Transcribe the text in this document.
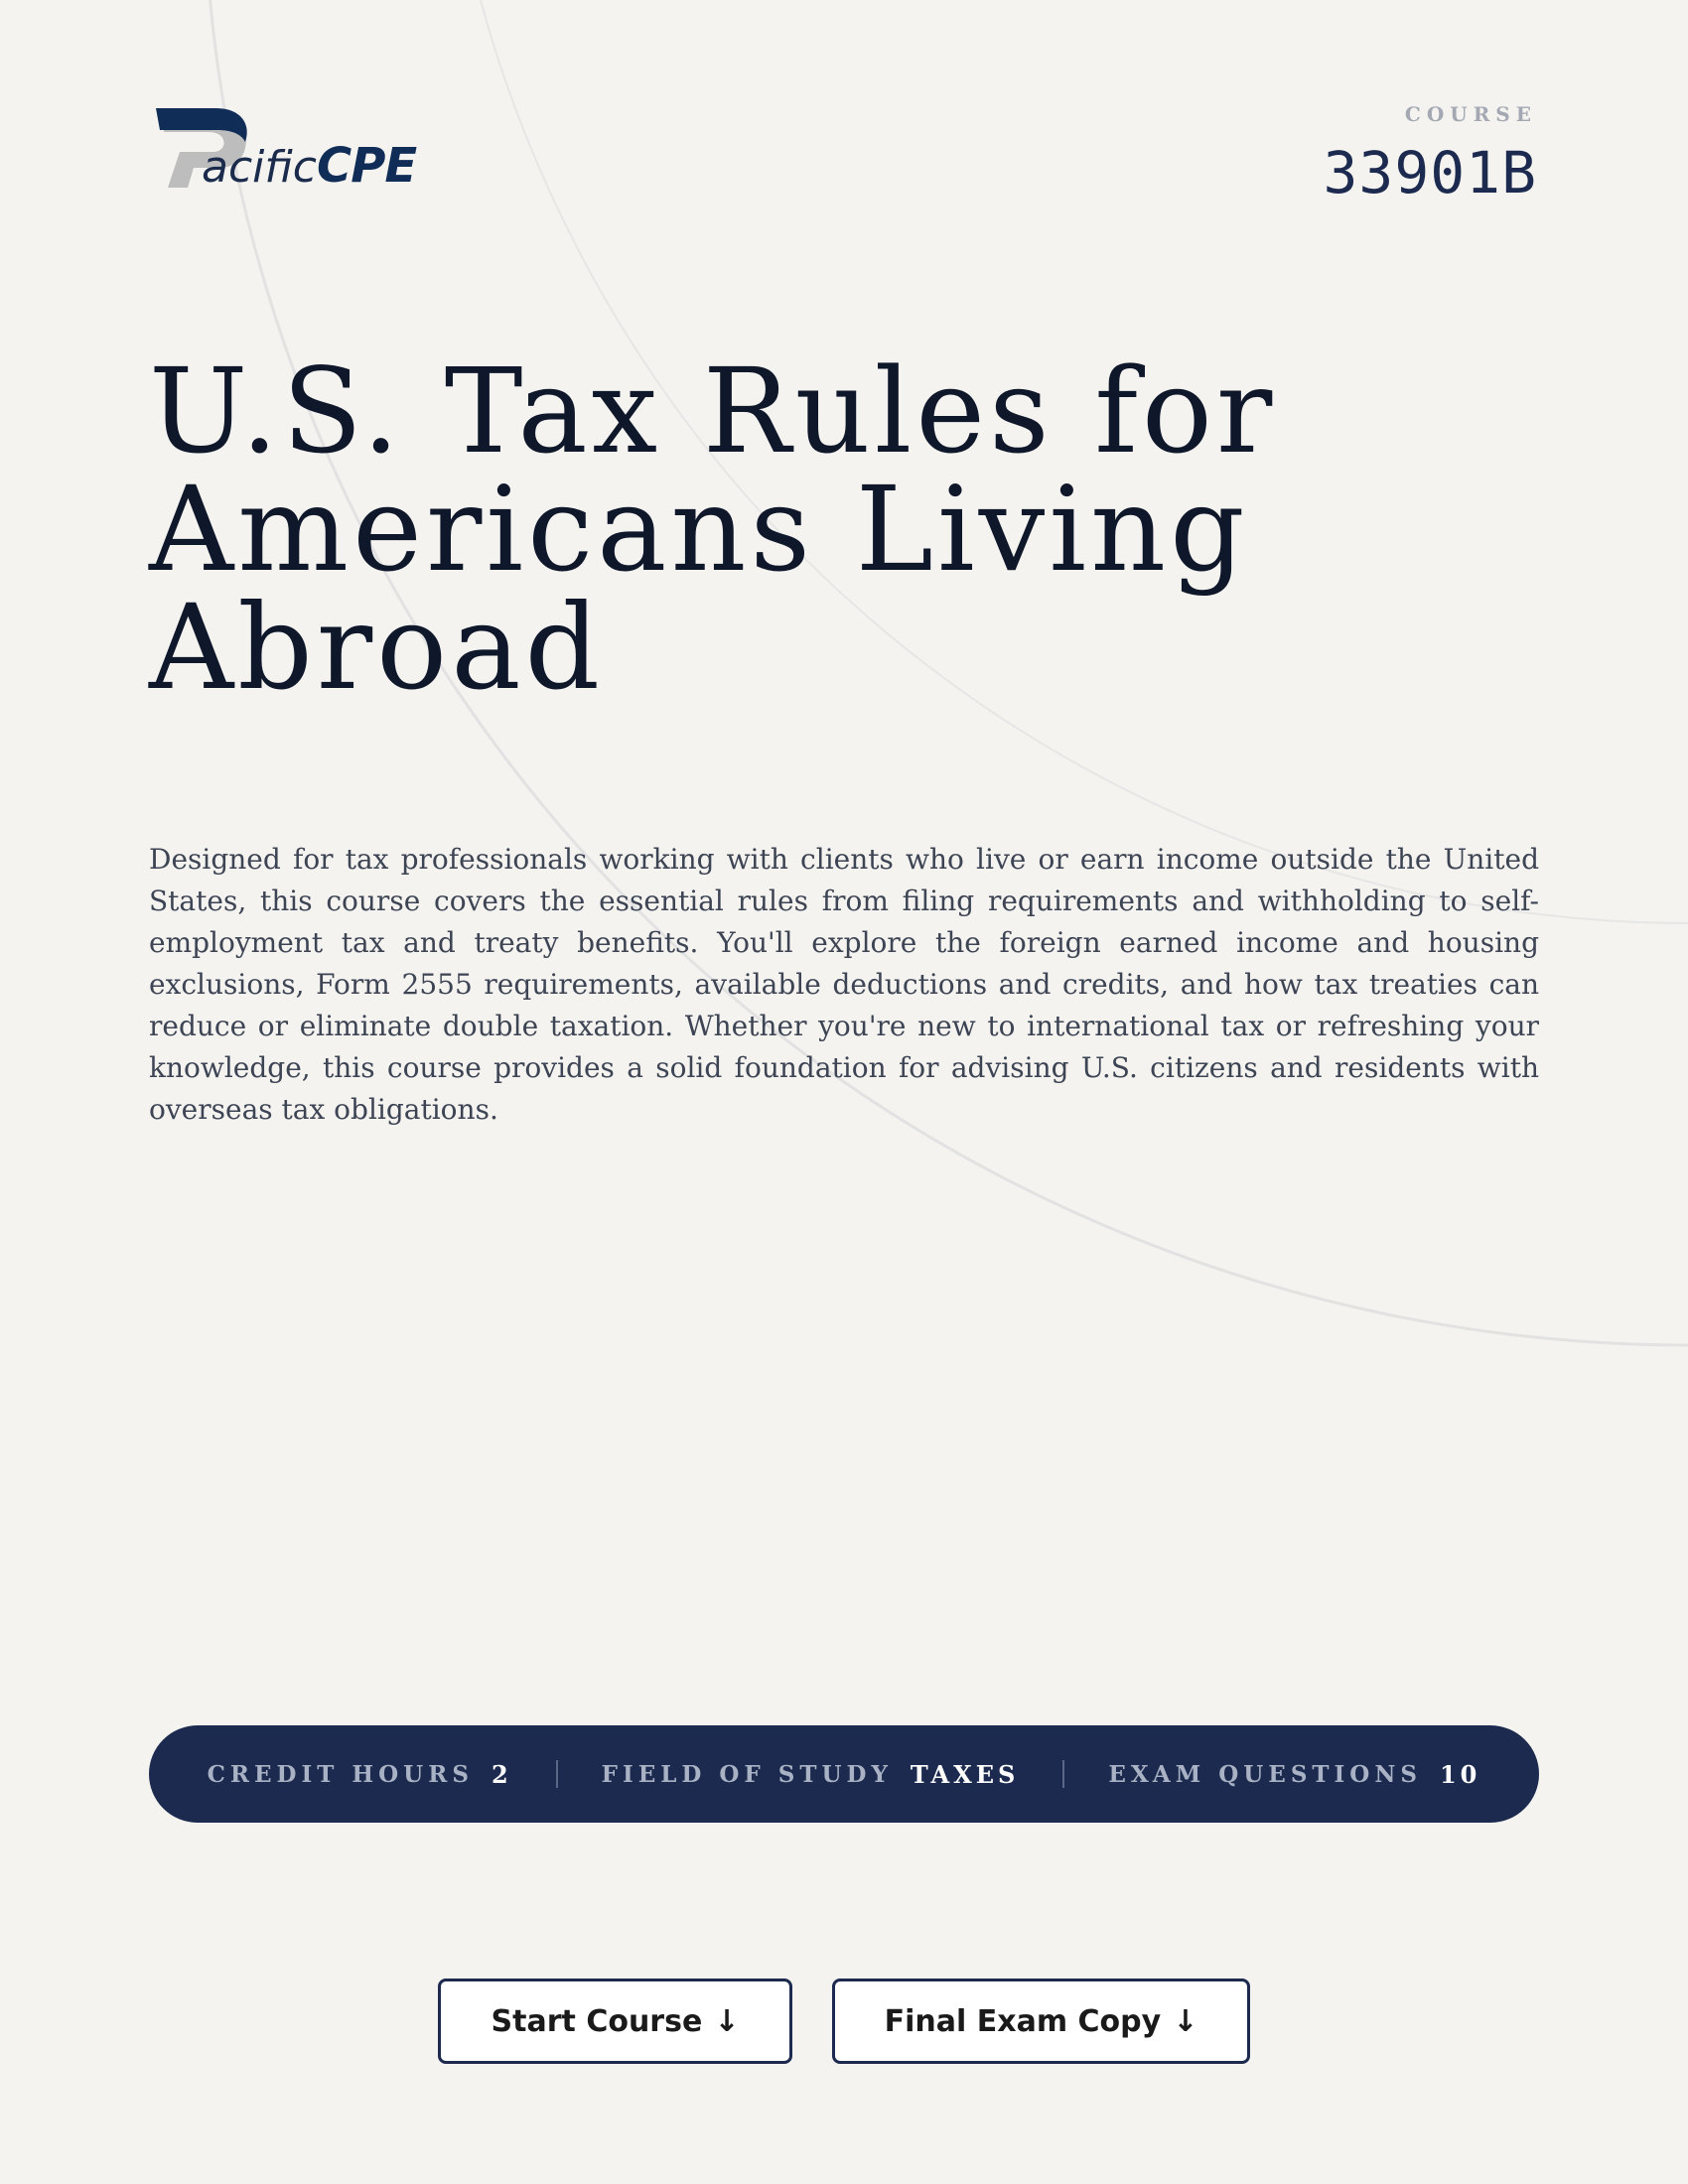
acificCPE
COURSE
33901B
U.S. Tax Rules for Americans Living Abroad

Designed for tax professionals working with clients who live or earn income outside the United States, this course covers the essential rules from filing requirements and withholding to self-employment tax and treaty benefits. You'll explore the foreign earned income and housing exclusions, Form 2555 requirements, available deductions and credits, and how tax treaties can reduce or eliminate double taxation. Whether you're new to international tax or refreshing your knowledge, this course provides a solid foundation for advising U.S. citizens and residents with overseas tax obligations.

CREDIT HOURS 2	FIELD OF STUDY TAXES	EXAM QUESTIONS 10
Start Course ↓	Final Exam Copy ↓
